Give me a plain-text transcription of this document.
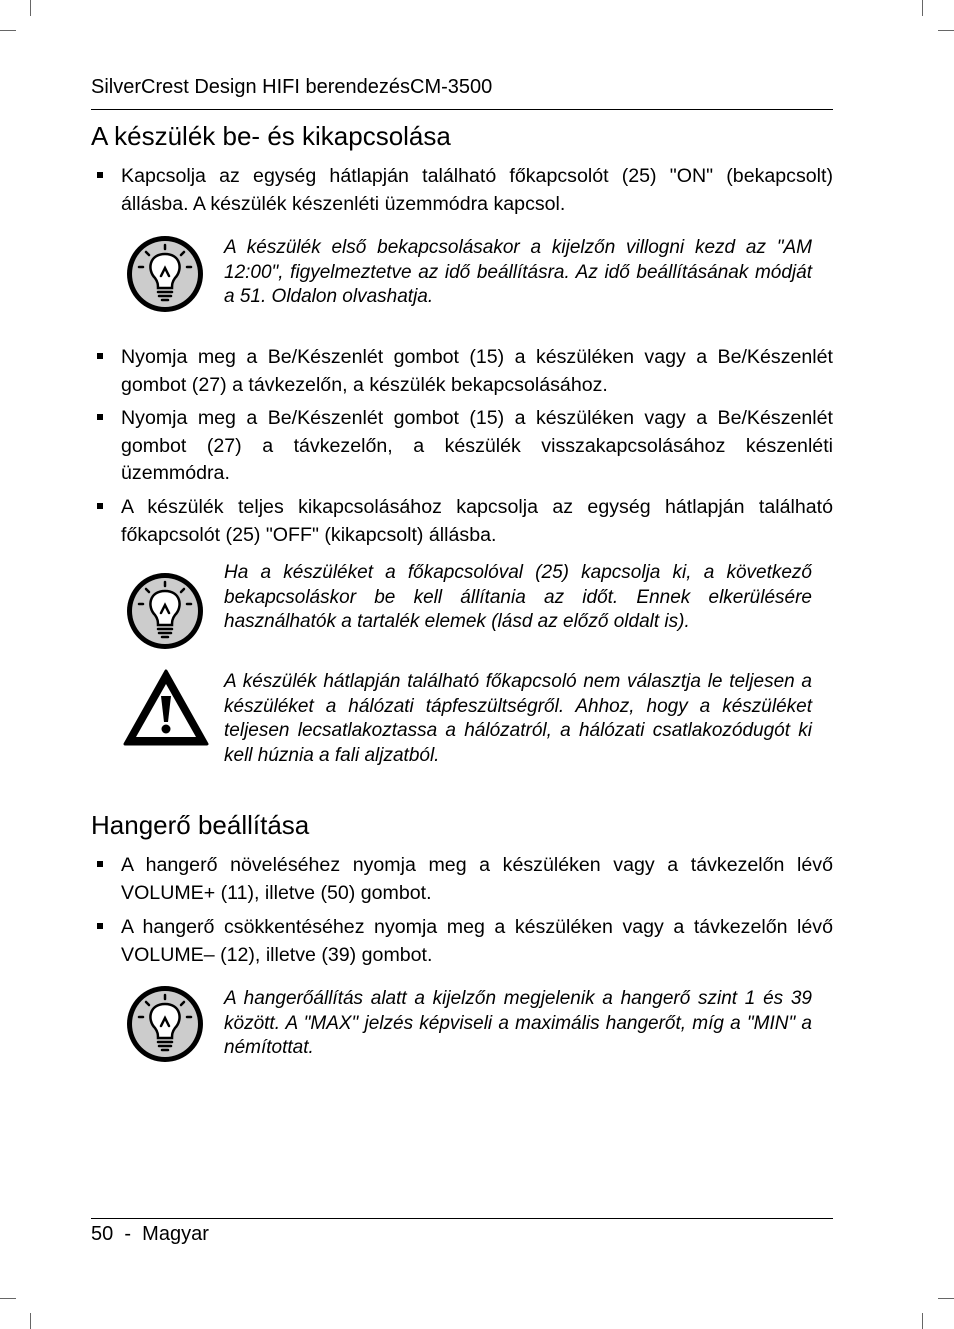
SilverCrest Design HIFI berendezésCM-3500
A készülék be- és kikapcsolása
Kapcsolja az egység hátlapján található főkapcsolót (25) "ON" (bekapcsolt) állásba. A készülék készenléti üzemmódra kapcsol.
A készülék első bekapcsolásakor a kijelzőn villogni kezd az "AM 12:00", figyelmeztetve az idő beállításra. Az idő beállításának módját a 51. Oldalon olvashatja.
Nyomja meg a Be/Készenlét gombot (15) a készüléken vagy a Be/Készenlét gombot (27) a távkezelőn, a készülék bekapcsolásához.
Nyomja meg a Be/Készenlét gombot (15) a készüléken vagy a Be/Készenlét gombot (27) a távkezelőn, a készülék visszakapcsolásához készenléti üzemmódra.
A készülék teljes kikapcsolásához kapcsolja az egység hátlapján található főkapcsolót (25) "OFF" (kikapcsolt) állásba.
Ha a készüléket a főkapcsolóval (25) kapcsolja ki, a következő bekapcsoláskor be kell állítania az időt. Ennek elkerülésére használhatók a tartalék elemek (lásd az előző oldalt is).
A készülék hátlapján található főkapcsoló nem választja le teljesen a készüléket a hálózati tápfeszültségről. Ahhoz, hogy a készüléket teljesen lecsatlakoztassa a hálózatról, a hálózati csatlakozódugót ki kell húznia a fali aljzatból.
Hangerő beállítása
A hangerő növeléséhez nyomja meg a készüléken vagy a távkezelőn lévő VOLUME+ (11), illetve (50) gombot.
A hangerő csökkentéséhez nyomja meg a készüléken vagy a távkezelőn lévő VOLUME– (12), illetve (39) gombot.
A hangerőállítás alatt a kijelzőn megjelenik a hangerő szint 1 és 39 között. A "MAX" jelzés képviseli a maximális hangerőt, míg a "MIN" a némítottat.
50 - Magyar
